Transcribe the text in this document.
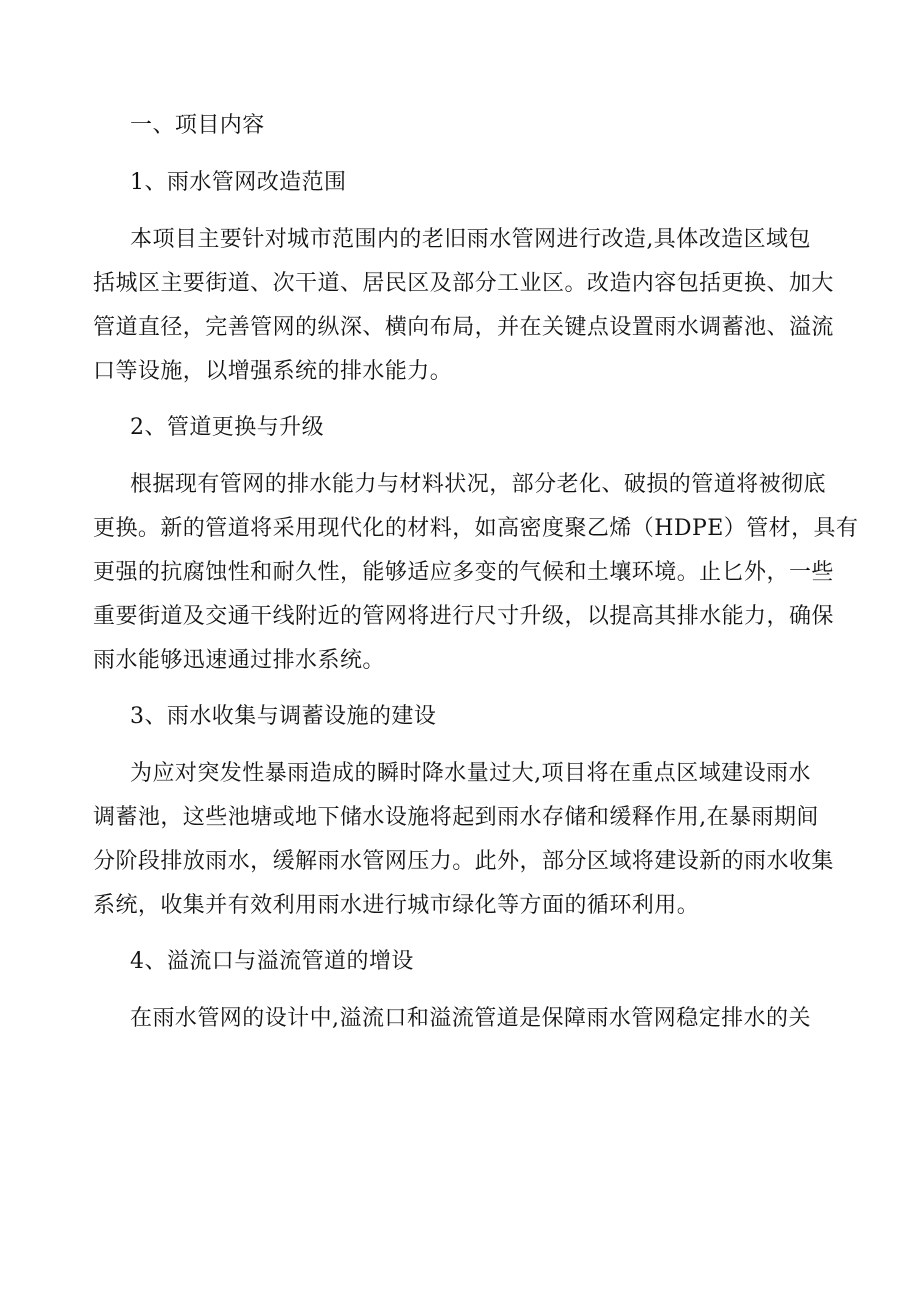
一、项目内容
1、雨水管网改造范围
本项目主要针对城市范围内的老旧雨水管网进行改造,具体改造区域包
括城区主要街道、次干道、居民区及部分工业区。改造内容包括更换、加大
管道直径，完善管网的纵深、横向布局，并在关键点设置雨水调蓄池、溢流
口等设施，以增强系统的排水能力。
2、管道更换与升级
根据现有管网的排水能力与材料状况，部分老化、破损的管道将被彻底
更换。新的管道将采用现代化的材料，如高密度聚乙烯（HDPE）管材，具有
更强的抗腐蚀性和耐久性，能够适应多变的气候和土壤环境。止匕外，一些
重要街道及交通干线附近的管网将进行尺寸升级，以提高其排水能力，确保
雨水能够迅速通过排水系统。
3、雨水收集与调蓄设施的建设
为应对突发性暴雨造成的瞬时降水量过大,项目将在重点区域建设雨水
调蓄池，这些池塘或地下储水设施将起到雨水存储和缓释作用,在暴雨期间
分阶段排放雨水，缓解雨水管网压力。此外，部分区域将建设新的雨水收集
系统，收集并有效利用雨水进行城市绿化等方面的循环利用。
4、溢流口与溢流管道的增设
在雨水管网的设计中,溢流口和溢流管道是保障雨水管网稳定排水的关
